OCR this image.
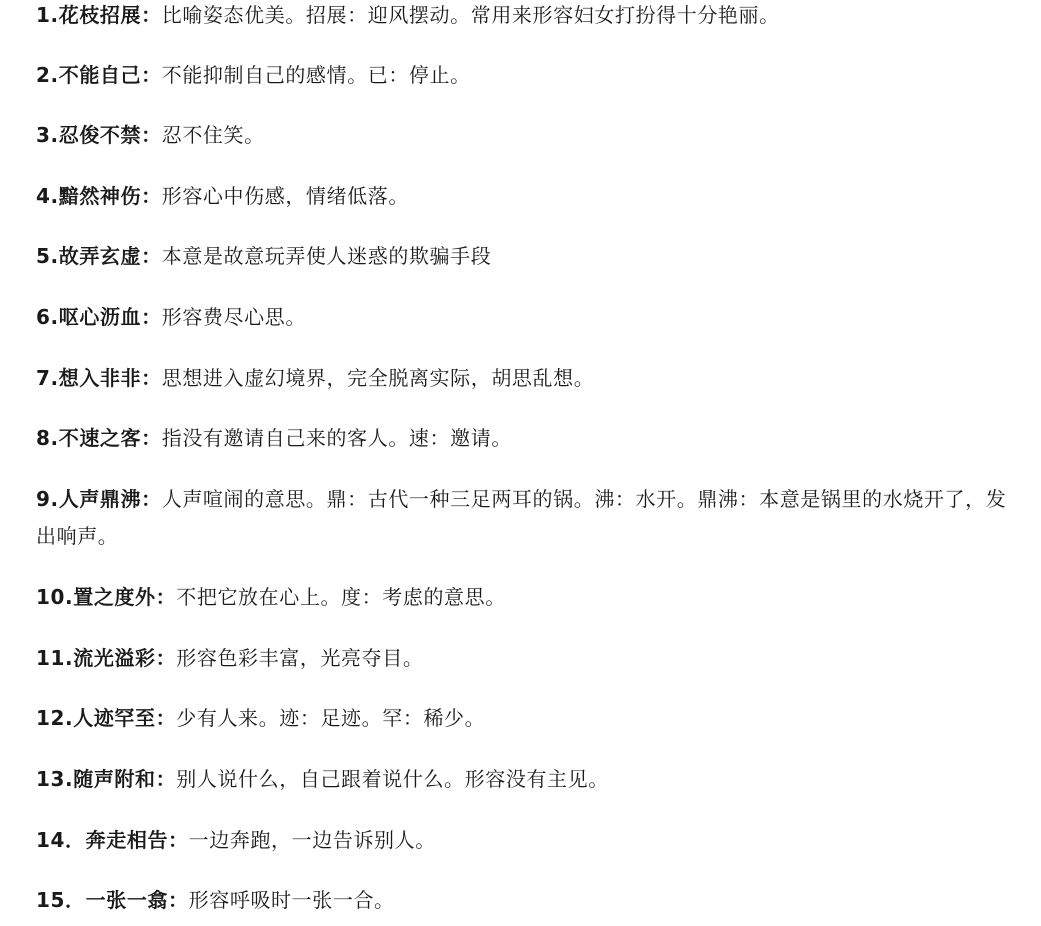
1.花枝招展：比喻姿态优美。招展：迎风摆动。常用来形容妇女打扮得十分艳丽。

2.不能自己：不能抑制自己的感情。已：停止。

3.忍俊不禁：忍不住笑。

4.黯然神伤：形容心中伤感，情绪低落。

5.故弄玄虚：本意是故意玩弄使人迷惑的欺骗手段

6.呕心沥血：形容费尽心思。

7.想入非非：思想进入虚幻境界，完全脱离实际，胡思乱想。

8.不速之客：指没有邀请自己来的客人。速：邀请。

9.人声鼎沸：人声喧闹的意思。鼎：古代一种三足两耳的锅。沸：水开。鼎沸：本意是锅里的水烧开了，发出响声。

10.置之度外：不把它放在心上。度：考虑的意思。

11.流光溢彩：形容色彩丰富，光亮夺目。

12.人迹罕至：少有人来。迹：足迹。罕：稀少。

13.随声附和：别人说什么，自己跟着说什么。形容没有主见。

14．奔走相告：一边奔跑，一边告诉别人。

15．一张一翕：形容呼吸时一张一合。
